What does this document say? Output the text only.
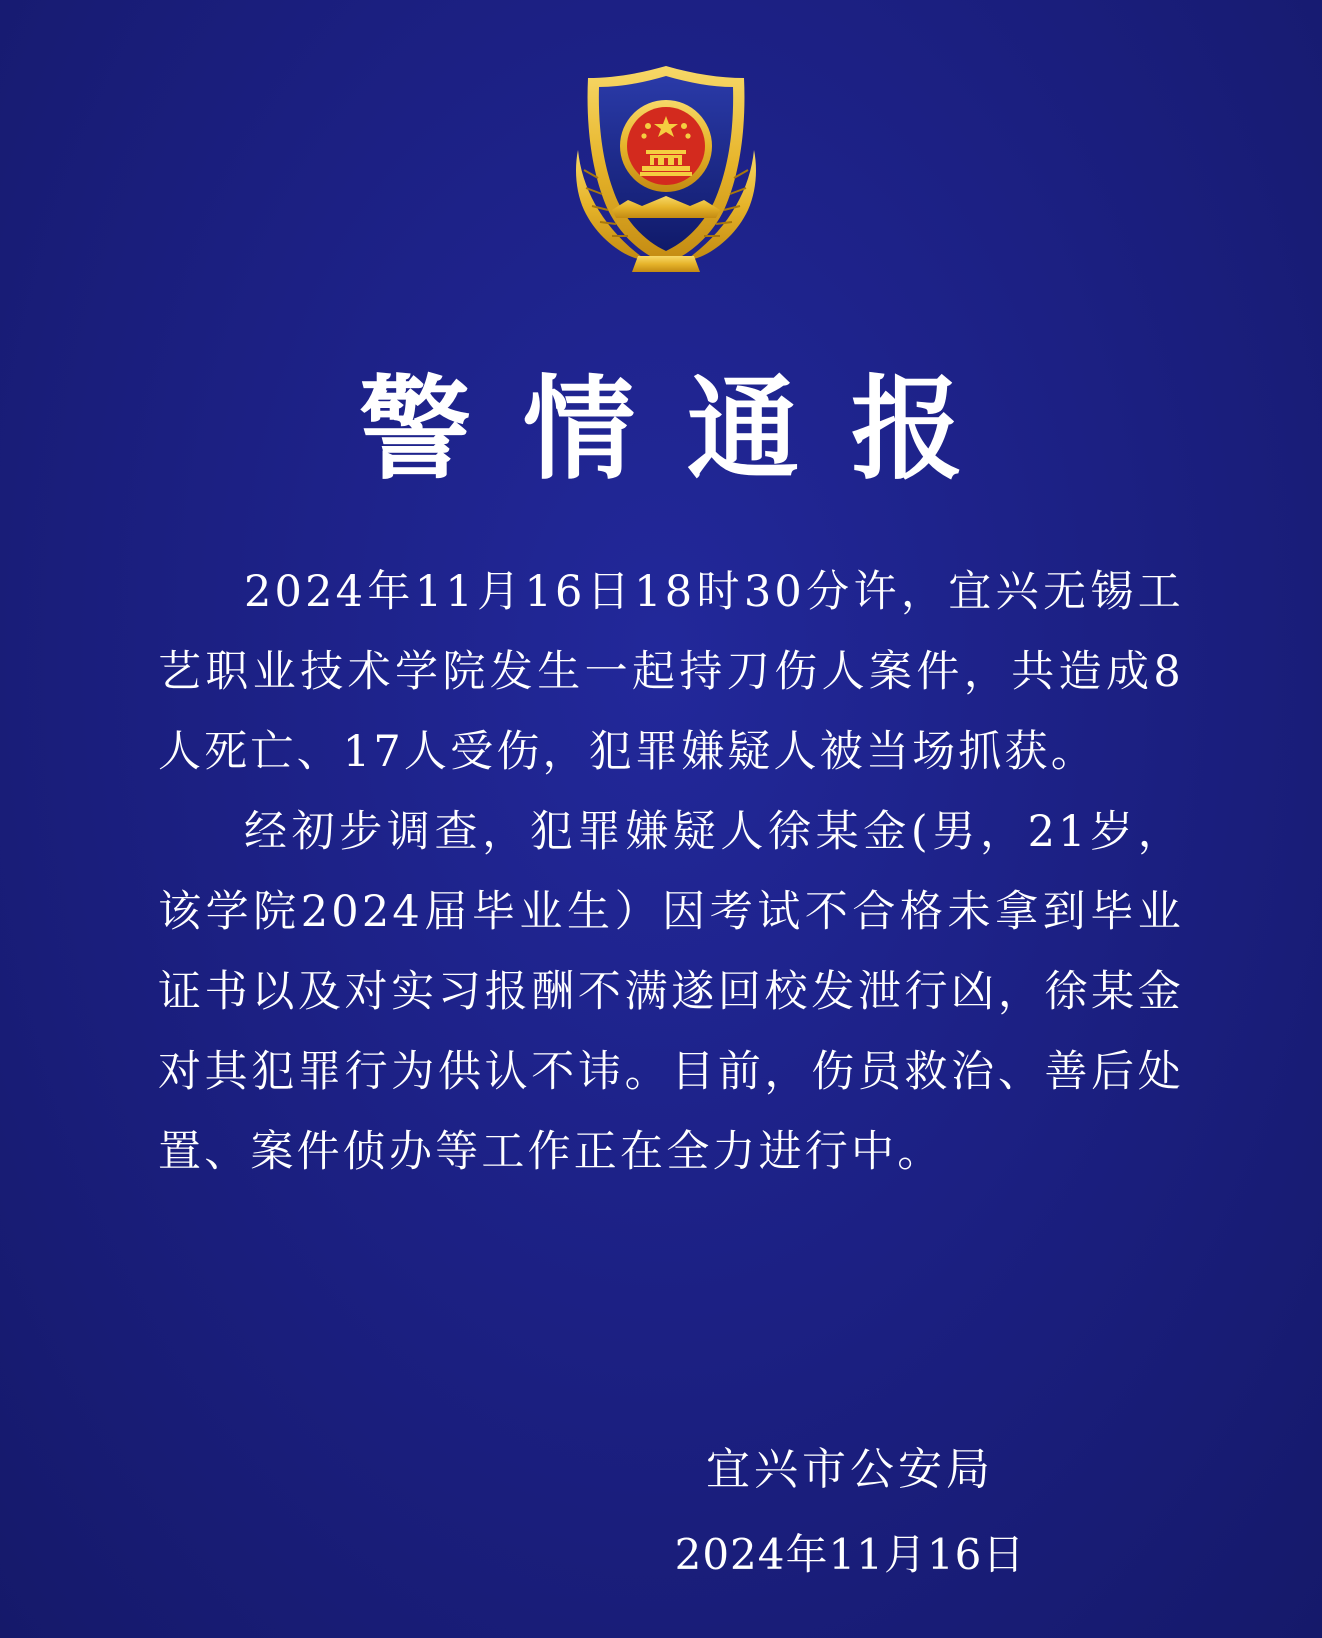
警情通报

2024年11月16日18时30分许，宜兴无锡工艺职业技术学院发生一起持刀伤人案件，共造成8人死亡、17人受伤，犯罪嫌疑人被当场抓获。

经初步调查，犯罪嫌疑人徐某金(男，21岁，该学院2024届毕业生）因考试不合格未拿到毕业证书以及对实习报酬不满遂回校发泄行凶，徐某金对其犯罪行为供认不讳。目前，伤员救治、善后处置、案件侦办等工作正在全力进行中。

宜兴市公安局
2024年11月16日
